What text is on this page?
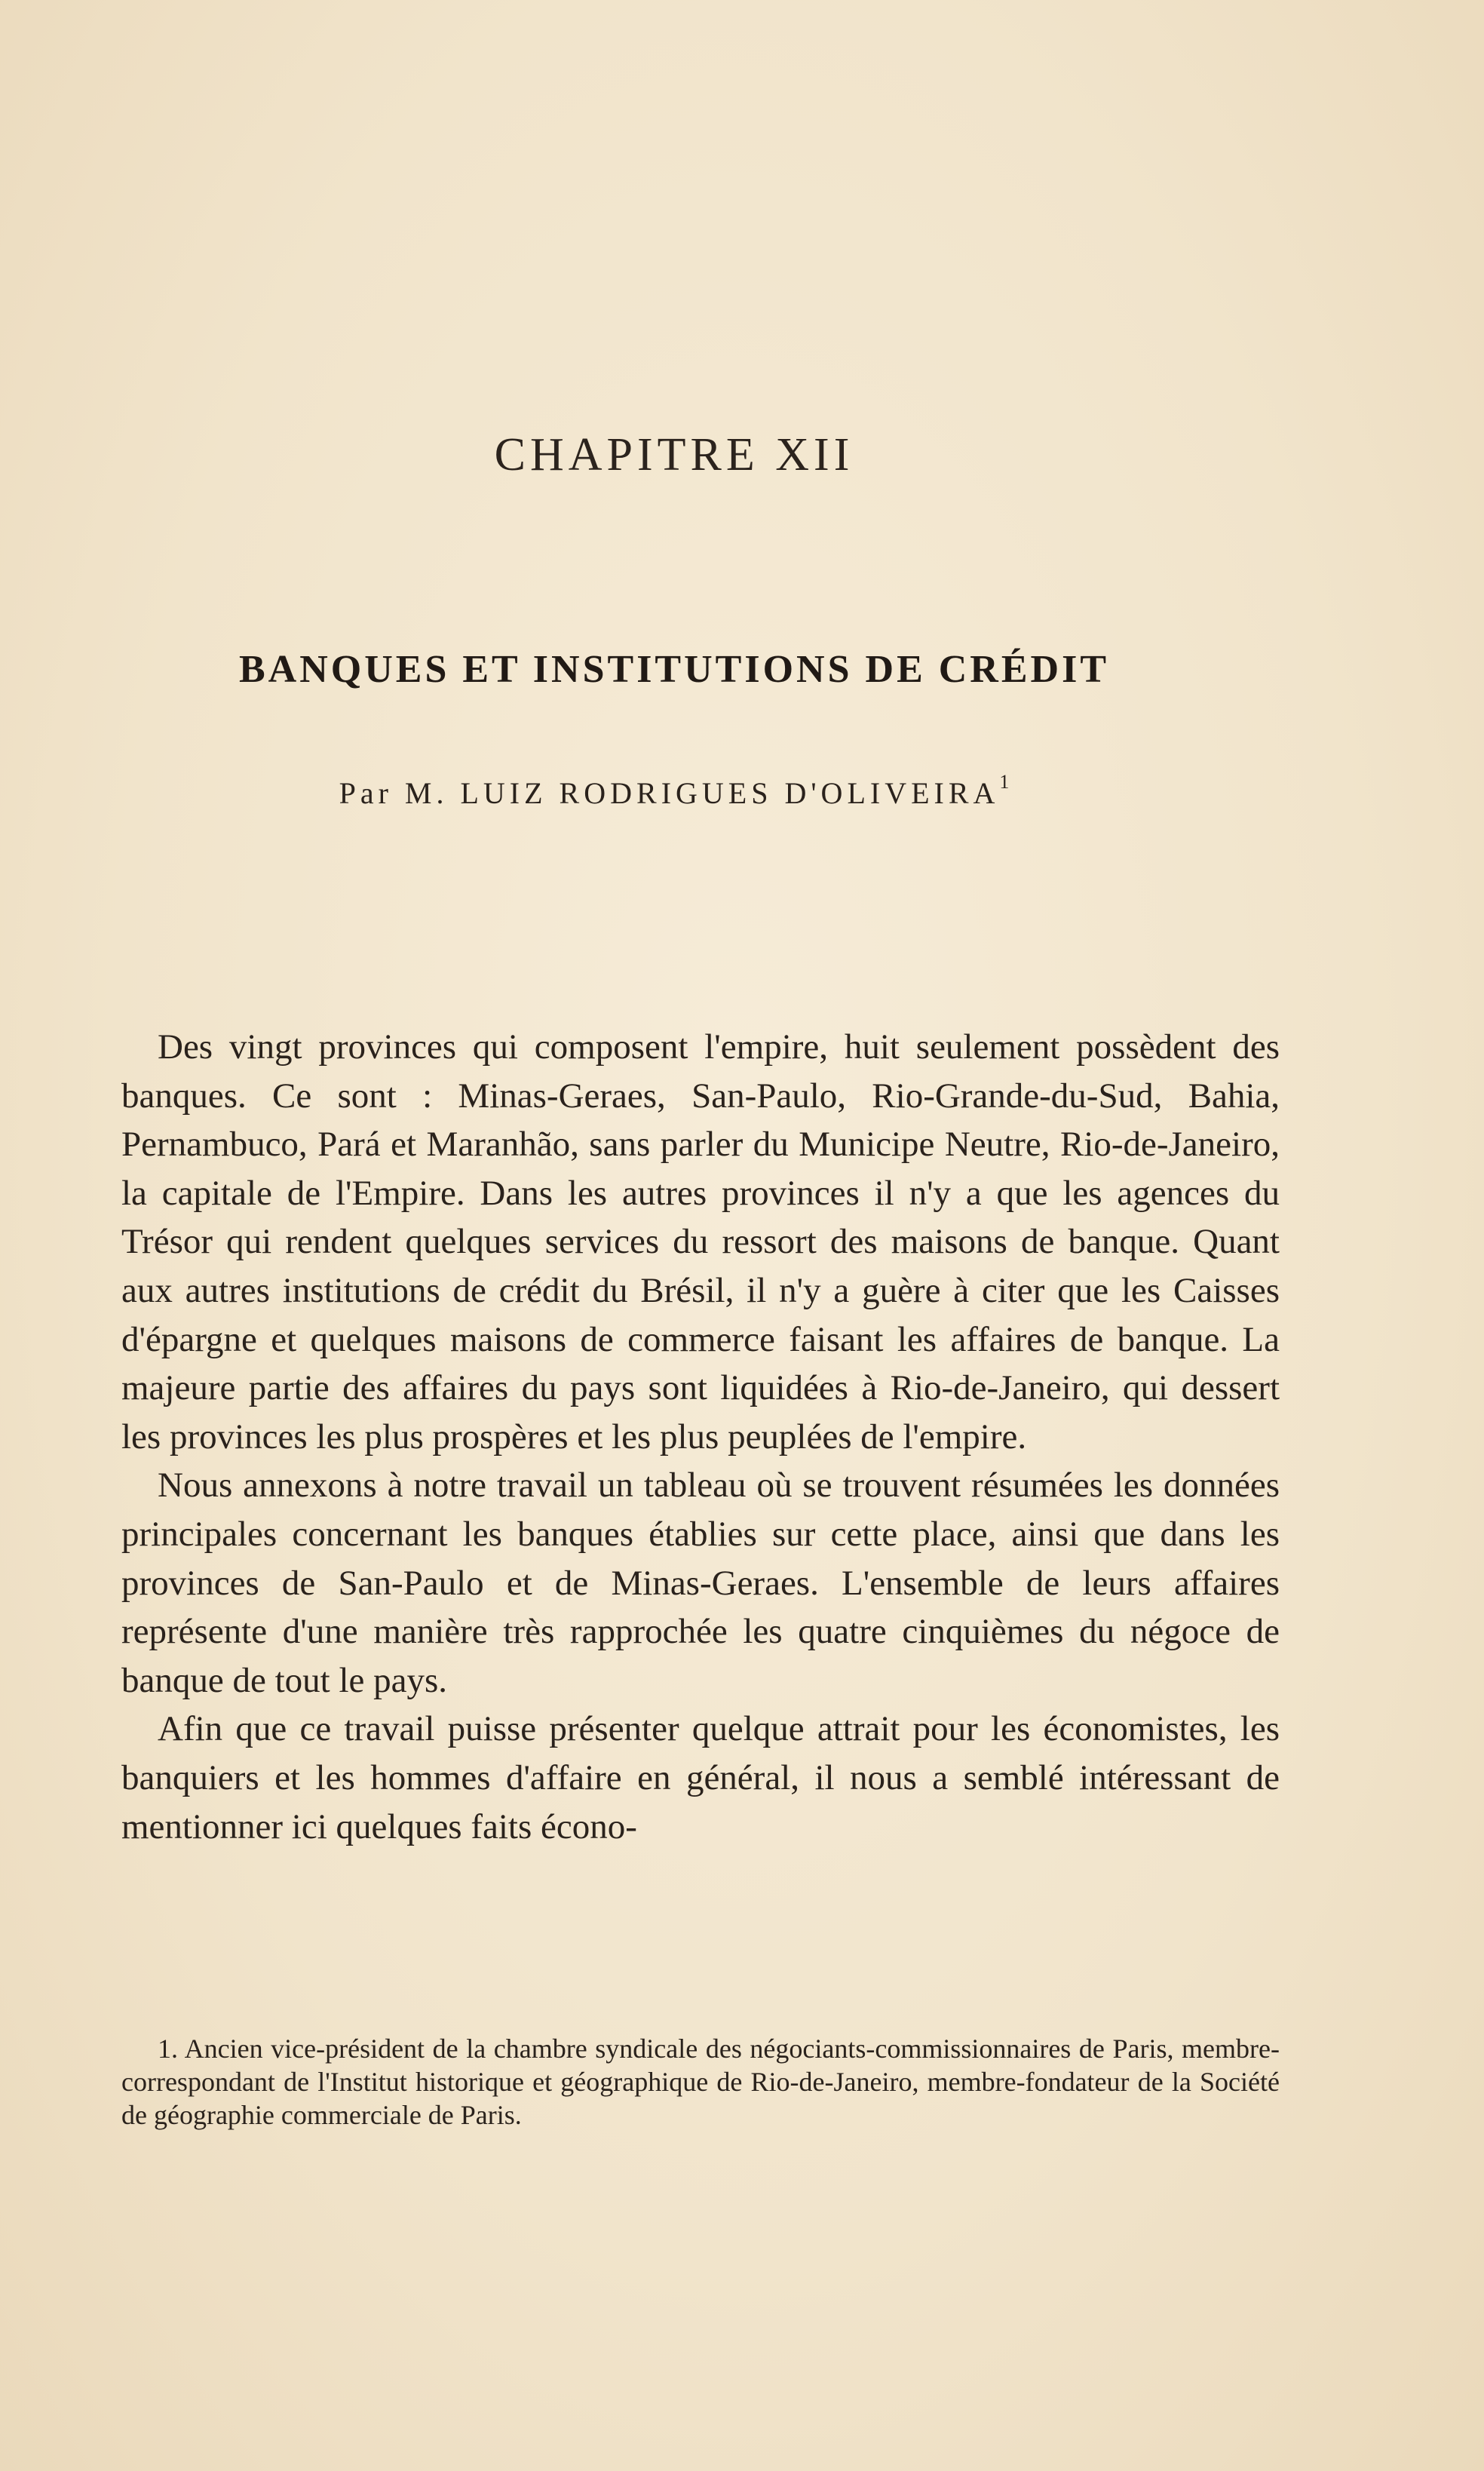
CHAPITRE XII
BANQUES ET INSTITUTIONS DE CRÉDIT
Par M. LUIZ RODRIGUES D'OLIVEIRA$^1$

Des vingt provinces qui composent l'empire, huit seulement possèdent des banques. Ce sont : Minas-Geraes, San-Paulo, Rio-Grande-du-Sud, Bahia, Pernambuco, Pará et Maranhão, sans parler du Municipe Neutre, Rio-de-Janeiro, la capitale de l'Empire. Dans les autres provinces il n'y a que les agences du Trésor qui rendent quelques services du ressort des maisons de banque. Quant aux autres institutions de crédit du Brésil, il n'y a guère à citer que les Caisses d'épargne et quelques maisons de commerce faisant les affaires de banque. La majeure partie des affaires du pays sont liquidées à Rio-de-Janeiro, qui dessert les provinces les plus prospères et les plus peuplées de l'empire.

Nous annexons à notre travail un tableau où se trouvent résumées les données principales concernant les banques établies sur cette place, ainsi que dans les provinces de San-Paulo et de Minas-Geraes. L'ensemble de leurs affaires représente d'une manière très rapprochée les quatre cinquièmes du négoce de banque de tout le pays.

Afin que ce travail puisse présenter quelque attrait pour les économistes, les banquiers et les hommes d'affaire en général, il nous a semblé intéressant de mentionner ici quelques faits écono-

1. Ancien vice-président de la chambre syndicale des négociants-commissionnaires de Paris, membre-correspondant de l'Institut historique et géographique de Rio-de-Janeiro, membre-fondateur de la Société de géographie commerciale de Paris.
